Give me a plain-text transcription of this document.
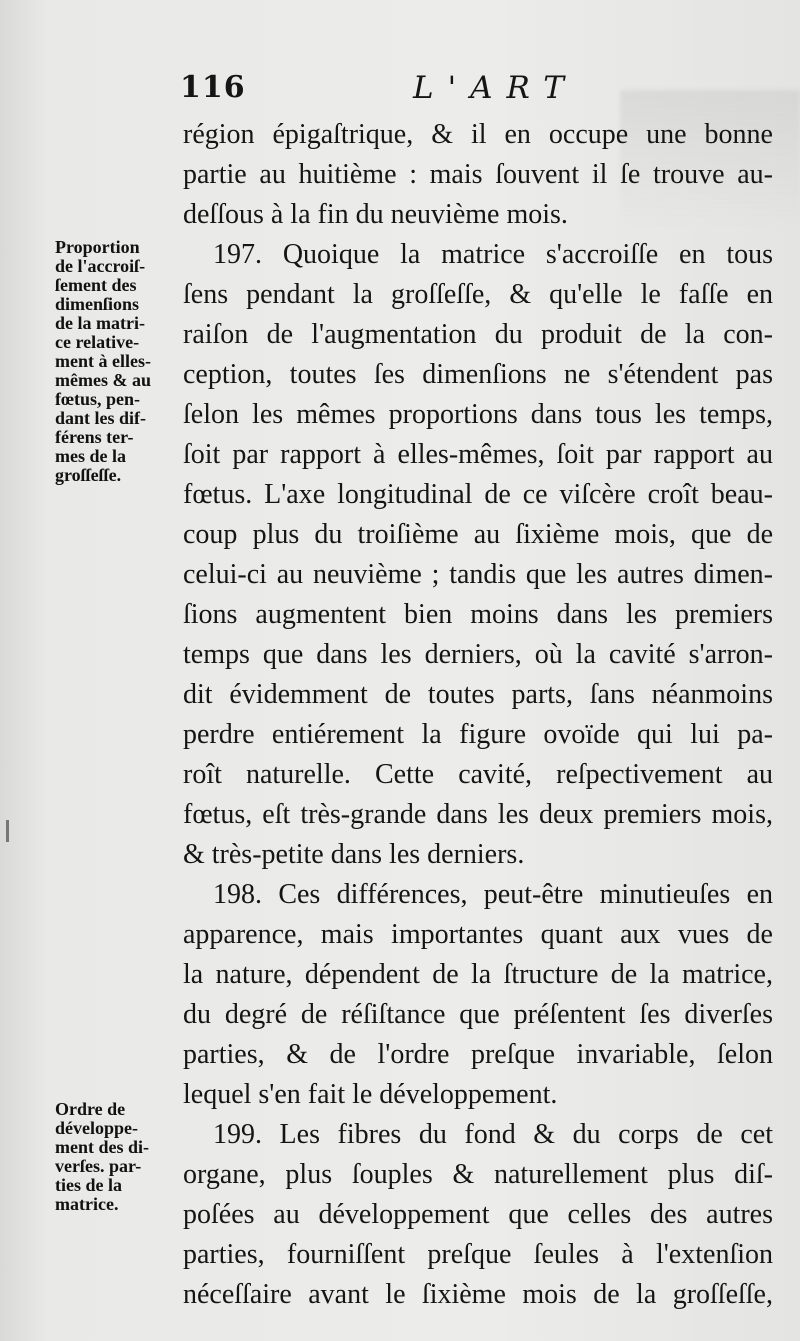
116	L'ART
Proportion
de l'accroiſ-
ſement des
dimenſions
de la matri-
ce relative-
ment à elles-
mêmes & au
fœtus, pen-
dant les dif-
férens ter-
mes de la
groſſeſſe.
Ordre de
développe-
ment des di-
verſes. par-
ties de la
matrice.
région épigaſtrique, & il en occupe une bonne
partie au huitième : mais ſouvent il ſe trouve au-
deſſous à la fin du neuvième mois.
197. Quoique la matrice s'accroiſſe en tous
ſens pendant la groſſeſſe, & qu'elle le faſſe en
raiſon de l'augmentation du produit de la con-
ception, toutes ſes dimenſions ne s'étendent pas
ſelon les mêmes proportions dans tous les temps,
ſoit par rapport à elles-mêmes, ſoit par rapport au
fœtus. L'axe longitudinal de ce viſcère croît beau-
coup plus du troiſième au ſixième mois, que de
celui-ci au neuvième ; tandis que les autres dimen-
ſions augmentent bien moins dans les premiers
temps que dans les derniers, où la cavité s'arron-
dit évidemment de toutes parts, ſans néanmoins
perdre entiérement la figure ovoïde qui lui pa-
roît naturelle. Cette cavité, reſpectivement au
fœtus, eſt très-grande dans les deux premiers mois,
& très-petite dans les derniers.
198. Ces différences, peut-être minutieuſes en
apparence, mais importantes quant aux vues de
la nature, dépendent de la ſtructure de la matrice,
du degré de réſiſtance que préſentent ſes diverſes
parties, & de l'ordre preſque invariable, ſelon
lequel s'en fait le développement.
199. Les fibres du fond & du corps de cet
organe, plus ſouples & naturellement plus diſ-
poſées au développement que celles des autres
parties, fourniſſent preſque ſeules à l'extenſion
néceſſaire avant le ſixième mois de la groſſeſſe,
